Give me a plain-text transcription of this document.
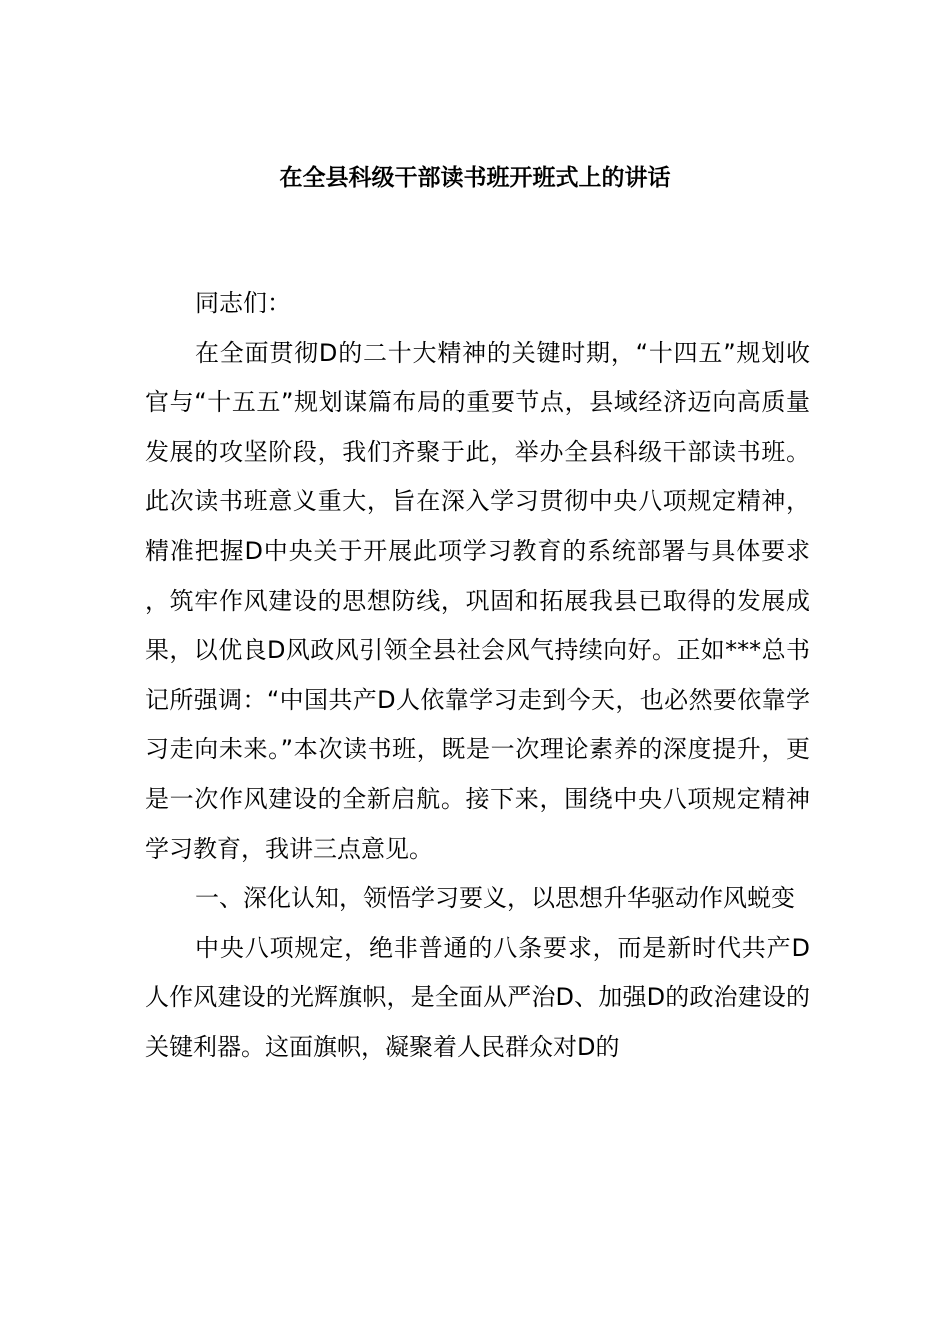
在全县科级干部读书班开班式上的讲话

同志们：

在全面贯彻D的二十大精神的关键时期，“十四五”规划收官与“十五五”规划谋篇布局的重要节点，县域经济迈向高质量发展的攻坚阶段，我们齐聚于此，举办全县科级干部读书班。此次读书班意义重大，旨在深入学习贯彻中央八项规定精神，精准把握D中央关于开展此项学习教育的系统部署与具体要求，筑牢作风建设的思想防线，巩固和拓展我县已取得的发展成果，以优良D风政风引领全县社会风气持续向好。正如***总书记所强调：“中国共产D人依靠学习走到今天，也必然要依靠学习走向未来。”本次读书班，既是一次理论素养的深度提升，更是一次作风建设的全新启航。接下来，围绕中央八项规定精神学习教育，我讲三点意见。

一、深化认知，领悟学习要义，以思想升华驱动作风蜕变

中央八项规定，绝非普通的八条要求，而是新时代共产D人作风建设的光辉旗帜，是全面从严治D、加强D的政治建设的关键利器。这面旗帜，凝聚着人民群众对D的
